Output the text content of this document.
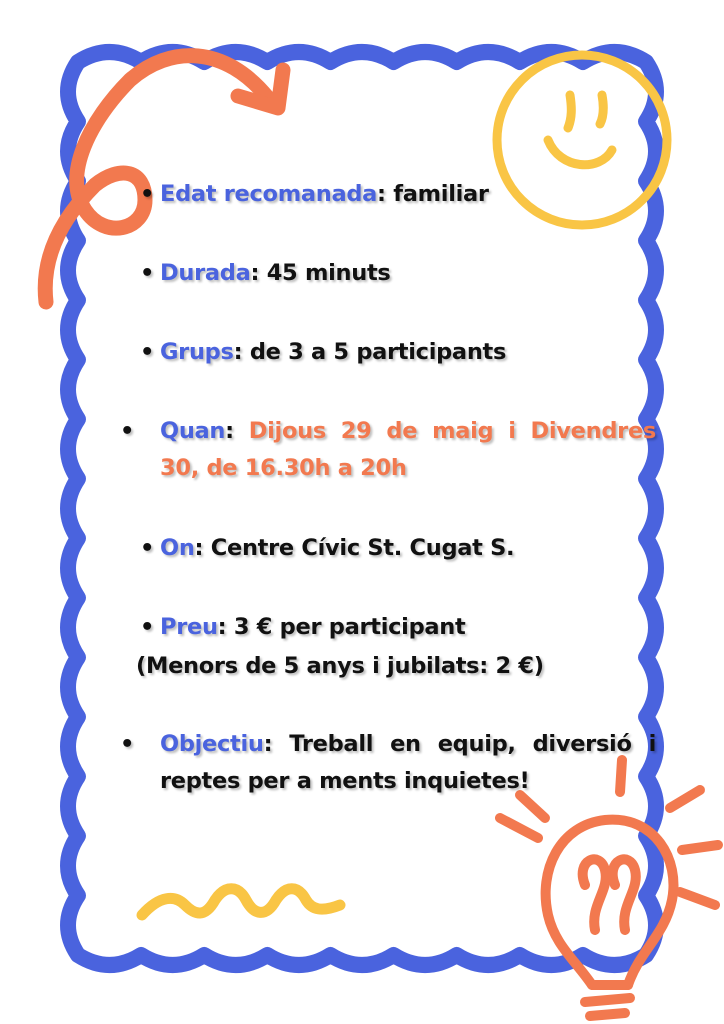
• Edat recomanada: familiar
• Durada: 45 minuts
• Grups: de 3 a 5 participants
• Quan: Dijous 29 de maig i Divendres 30, de 16.30h a 20h
• On: Centre Cívic St. Cugat S.
• Preu: 3 € per participant
(Menors de 5 anys i jubilats: 2 €)
• Objectiu: Treball en equip, diversió i reptes per a ments inquietes!
